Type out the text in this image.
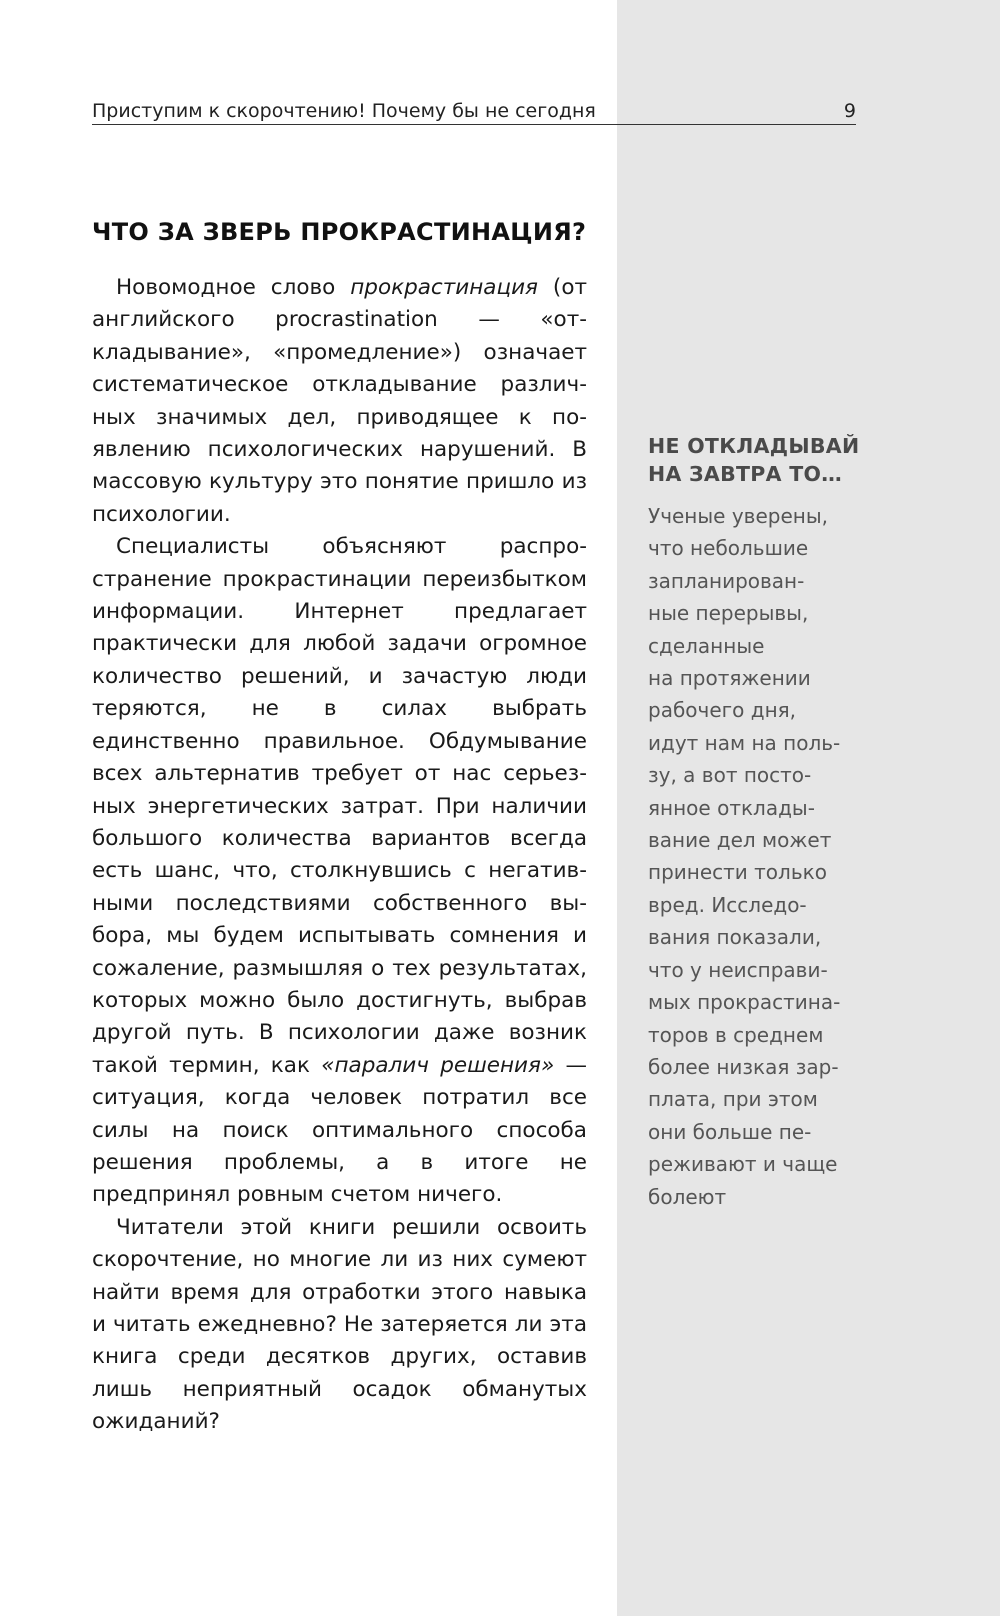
Приступим к скорочтению! Почему бы не сегодня	9
ЧТО ЗА ЗВЕРЬ ПРОКРАСТИНАЦИЯ?

Новомодное слово прокрастинация (от английского procrastination — «откладывание», «промедление») означает систематическое откладывание различных значимых дел, приводящее к появлению психологических нарушений. В массовую культуру это понятие пришло из психологии.

Специалисты объясняют распространение прокрастинации переизбытком информации. Интернет предлагает практически для любой задачи огромное количество решений, и зачастую люди теряются, не в силах выбрать единственно правильное. Обдумывание всех альтернатив требует от нас серьезных энергетических затрат. При наличии большого количества вариантов всегда есть шанс, что, столкнувшись с негативными последствиями собственного выбора, мы будем испытывать сомнения и сожаление, размышляя о тех результатах, которых можно было достигнуть, выбрав другой путь. В психологии даже возник такой термин, как «паралич решения» — ситуация, когда человек потратил все силы на поиск оптимального способа решения проблемы, а в итоге не предпринял ровным счетом ничего.

Читатели этой книги решили освоить скорочтение, но многие ли из них сумеют найти время для отработки этого навыка и читать ежедневно? Не затеряется ли эта книга среди десятков других, оставив лишь неприятный осадок обманутых ожиданий?

НЕ ОТКЛАДЫВАЙ НА ЗАВТРА ТО…

Ученые уверены,
что небольшие
запланирован-
ные перерывы,
сделанные
на протяжении
рабочего дня,
идут нам на поль-
зу, а вот посто-
янное отклады-
вание дел может
принести только
вред. Исследо-
вания показали,
что у неисправи-
мых прокрастина-
торов в среднем
более низкая зар-
плата, при этом
они больше пе-
реживают и чаще
болеют
